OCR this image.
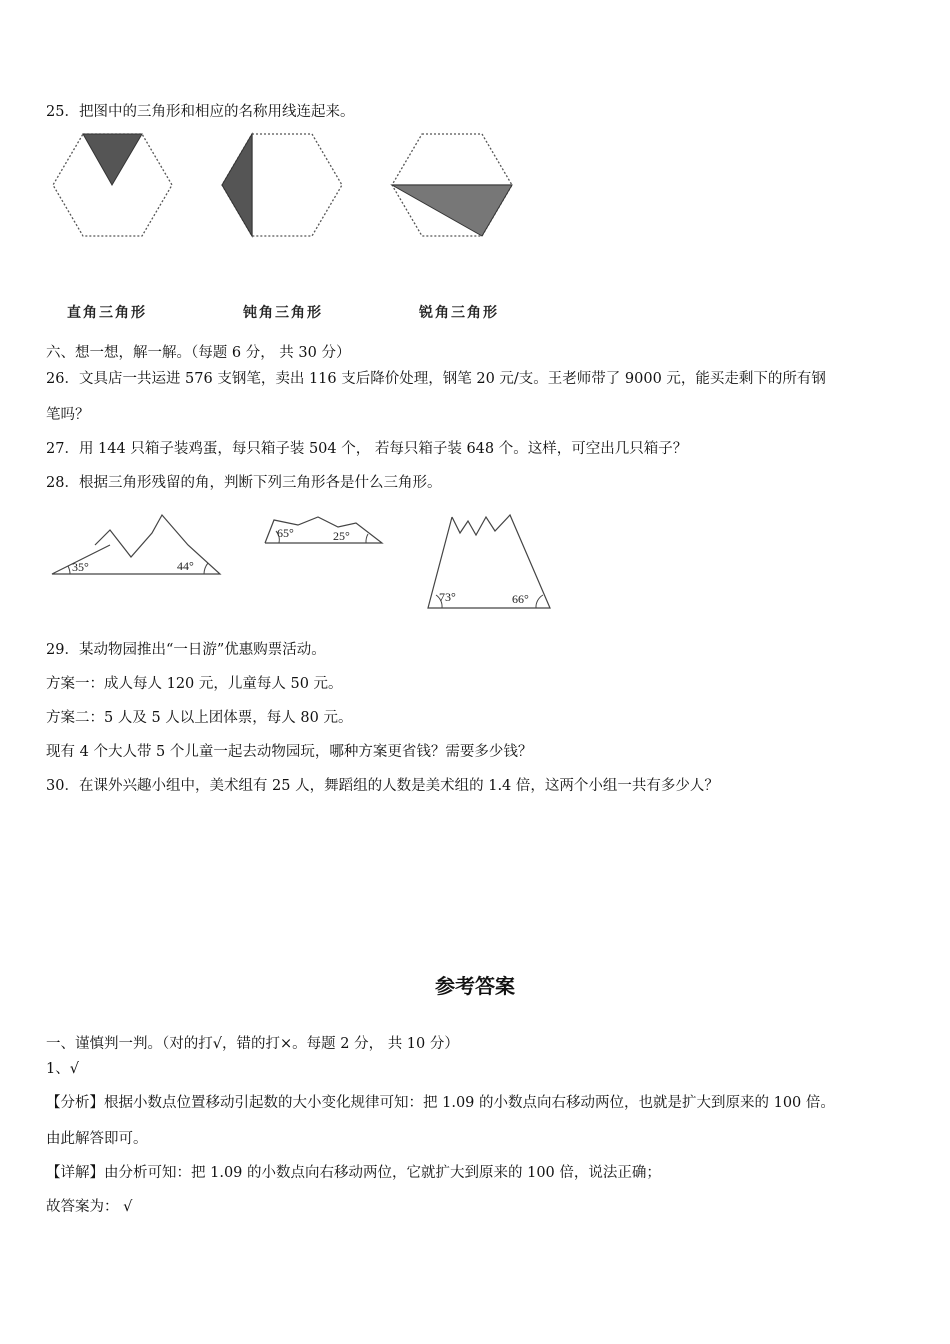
25．把图中的三角形和相应的名称用线连起来。
直角三角形	钝角三角形	锐角三角形
六、想一想，解一解。（每题 6 分， 共 30 分）
26．文具店一共运进 576 支钢笔，卖出 116 支后降价处理，钢笔 20 元/支。王老师带了 9000 元，能买走剩下的所有钢
笔吗？
27．用 144 只箱子装鸡蛋，每只箱子装 504 个， 若每只箱子装 648 个。这样，可空出几只箱子？
28．根据三角形残留的角，判断下列三角形各是什么三角形。
35°	44°
65°	25°
73°	66°
29．某动物园推出“一日游”优惠购票活动。
方案一：成人每人 120 元，儿童每人 50 元。
方案二：5 人及 5 人以上团体票，每人 80 元。
现有 4 个大人带 5 个儿童一起去动物园玩，哪种方案更省钱？需要多少钱？
30．在课外兴趣小组中，美术组有 25 人，舞蹈组的人数是美术组的 1.4 倍，这两个小组一共有多少人？
参考答案
一、谨慎判一判。（对的打√，错的打×。每题 2 分， 共 10 分）
1、√
【分析】根据小数点位置移动引起数的大小变化规律可知：把 1.09 的小数点向右移动两位，也就是扩大到原来的 100 倍。
由此解答即可。
【详解】由分析可知：把 1.09 的小数点向右移动两位，它就扩大到原来的 100 倍，说法正确；
故答案为： √
